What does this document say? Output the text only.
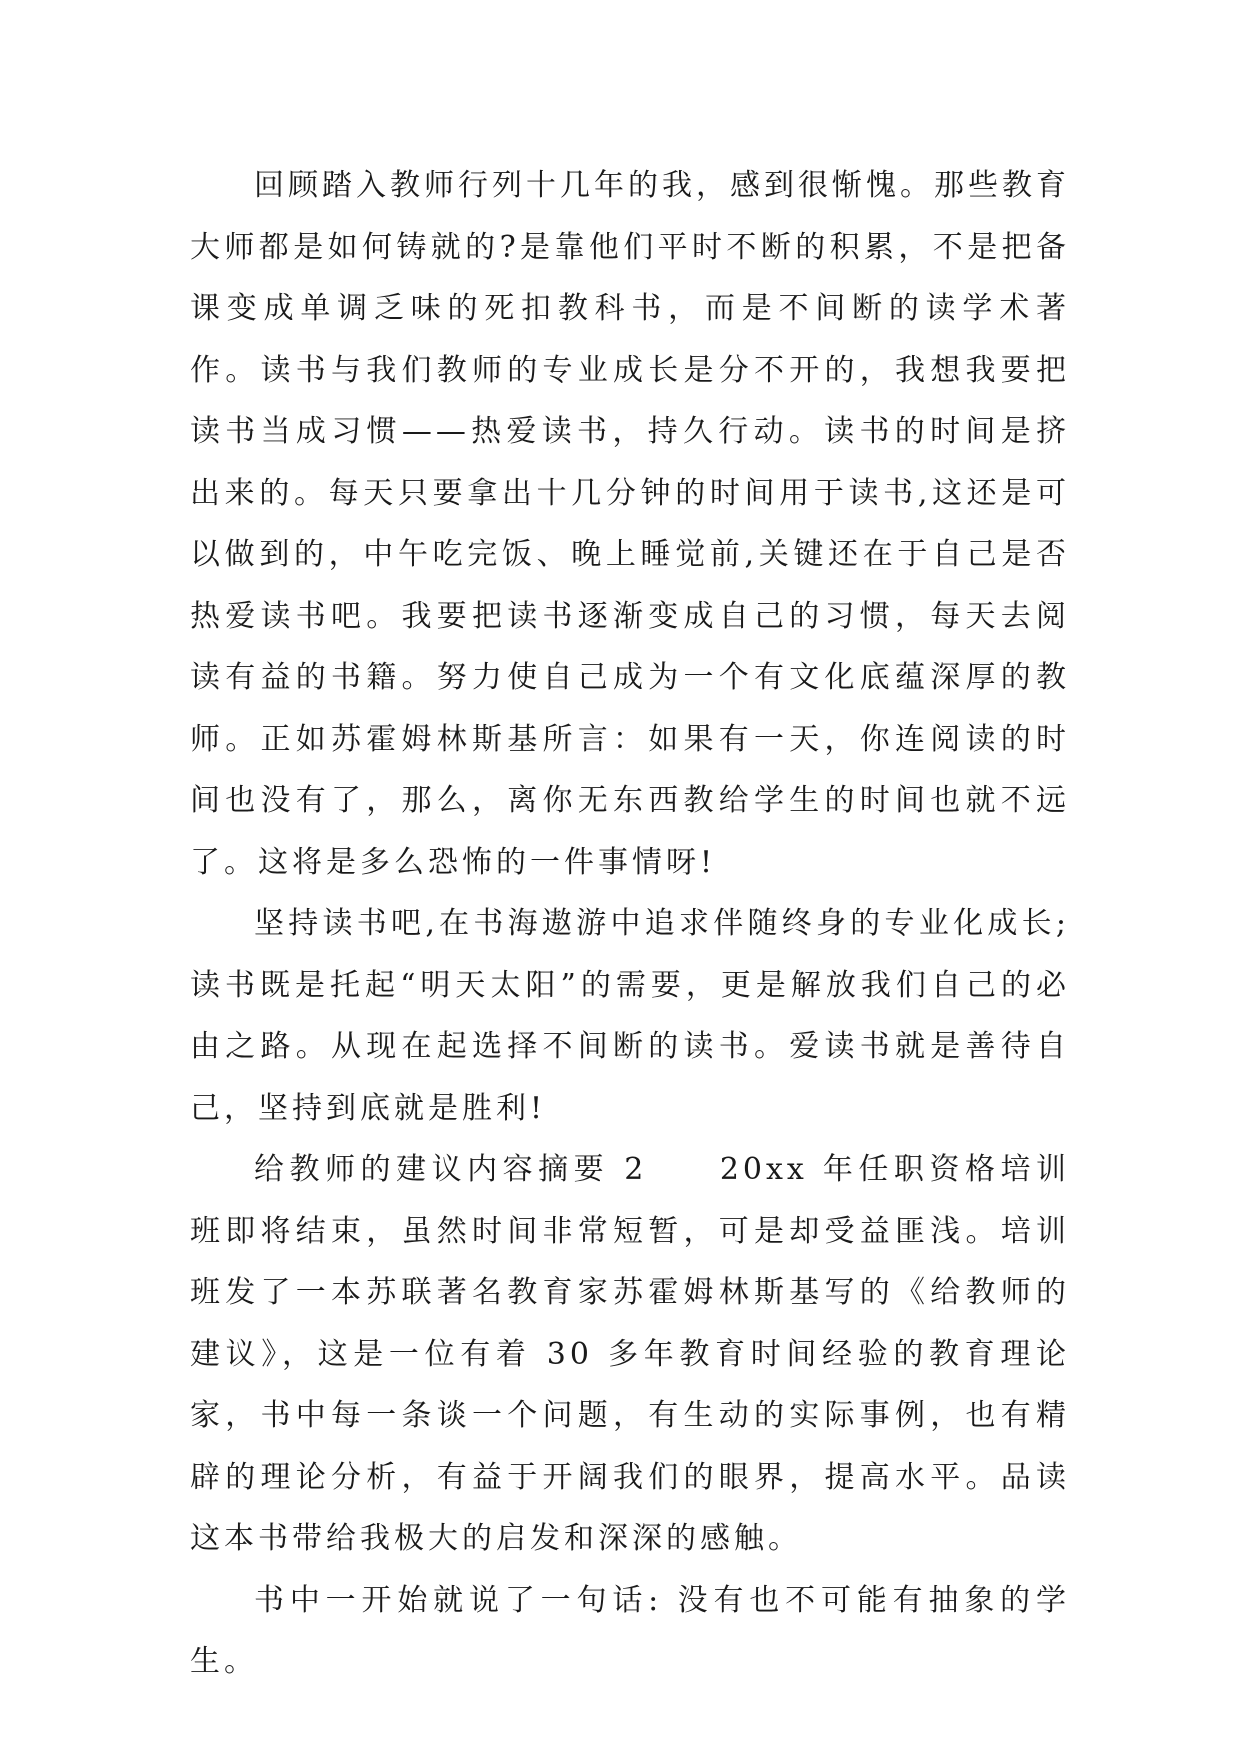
回顾踏入教师行列十几年的我，感到很惭愧。那些教育大师都是如何铸就的?是靠他们平时不断的积累，不是把备课变成单调乏味的死扣教科书，而是不间断的读学术著作。读书与我们教师的专业成长是分不开的，我想我要把读书当成习惯——热爱读书，持久行动。读书的时间是挤出来的。每天只要拿出十几分钟的时间用于读书,这还是可以做到的，中午吃完饭、晚上睡觉前,关键还在于自己是否热爱读书吧。我要把读书逐渐变成自己的习惯，每天去阅读有益的书籍。努力使自己成为一个有文化底蕴深厚的教师。正如苏霍姆林斯基所言：如果有一天，你连阅读的时间也没有了，那么，离你无东西教给学生的时间也就不远了。这将是多么恐怖的一件事情呀!

坚持读书吧,在书海遨游中追求伴随终身的专业化成长;读书既是托起“明天太阳”的需要，更是解放我们自己的必由之路。从现在起选择不间断的读书。爱读书就是善待自己，坚持到底就是胜利!

给教师的建议内容摘要 2　　20xx 年任职资格培训班即将结束，虽然时间非常短暂，可是却受益匪浅。培训班发了一本苏联著名教育家苏霍姆林斯基写的《给教师的建议》，这是一位有着 30 多年教育时间经验的教育理论家，书中每一条谈一个问题，有生动的实际事例，也有精辟的理论分析，有益于开阔我们的眼界，提高水平。品读这本书带给我极大的启发和深深的感触。

书中一开始就说了一句话: 没有也不可能有抽象的学生。
